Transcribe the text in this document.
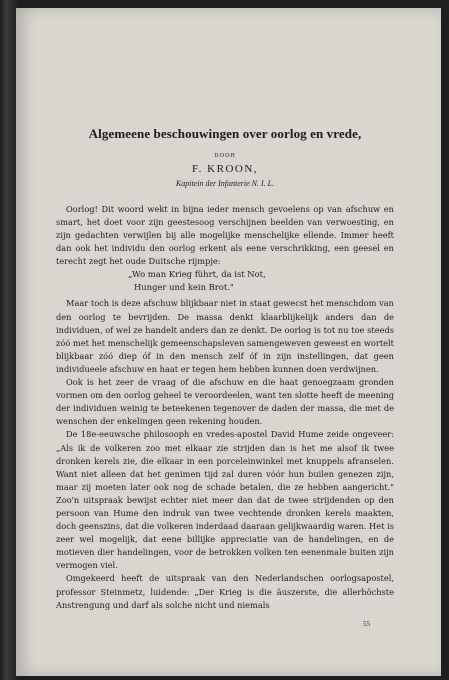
Algemeene beschouwingen over oorlog en vrede,
DOOR
F. KROON,
Kapitein der Infanterie N. I. L.

Oorlog! Dit woord wekt in bijna ieder mensch gevoelens op van afschuw en smart, het doet voor zijn geestesoog verschijnen beelden van verwoesting, en zijn gedachten verwijlen bij alle mogelijke menschelijke ellende. Immer heeft dan ook het individu den oorlog erkent als eene verschrikking, een geesel en terecht zegt het oude Duitsche rijmpje:

„Wo man Krieg führt, da ist Not,
Hunger und kein Brot."

Maar toch is deze afschuw blijkbaar niet in staat gewecst het menschdom van den oorlog te bevrijden. De massa denkt klaarblijkelijk anders dan de individuen, of wel ze handelt anders dan ze denkt. De oorlog is tot nu toe steeds zóó met het menschelijk gemeenschapsleven samengeweven geweest en wortelt blijkbaar zóó diep óf in den mensch zelf óf in zijn instellingen, dat geen individueele afschuw en haat er tegen hem hebben kunnen doen verdwijnen.

Ook is het zeer de vraag of die afschuw en die haat genoegzaam gronden vormen om den oorlog geheel te veroordeelen, want ten slotte heeft de meening der individuen weinig te beteekenen tegenover de daden der massa, die met de wenschen der enkelingen geen rekening houden.

De 18e-eeuwsche philosooph en vredes-apostel David Hume zeide ongeveer: „Als ik de volkeren zoo met elkaar zie strijden dan is het me alsof ik twee dronken kerels zie, die elkaar in een porceleinwinkel met knuppels afranselen. Want niet alleen dat het genimen tijd zal duren vóór hun builen genezen zijn, maar zij moeten later ook nog de schade betalen, die ze hebben aangericht." Zoo'n uitspraak bewijst echter niet meer dan dat de twee strijdenden op den persoon van Hume den indruk van twee vechtende dronken kerels maakten, doch geenszins, dat die volkeren inderdaad daaraan gelijkwaardig waren. Het is zeer wel mogelijk, dat eene billijke appreciatie van de handelingen, en de motieven dier handelingen, voor de betrokken volken ten eenenmale buiten zijn vermogen viel.

Omgekeerd heeft de uitspraak van den Nederlandschen oorlogsapostel, professor Steinmetz, luidende: „Der Krieg is die äuszerste, die allerhöchste Anstrengung und darf als solche nicht und niemals

55
